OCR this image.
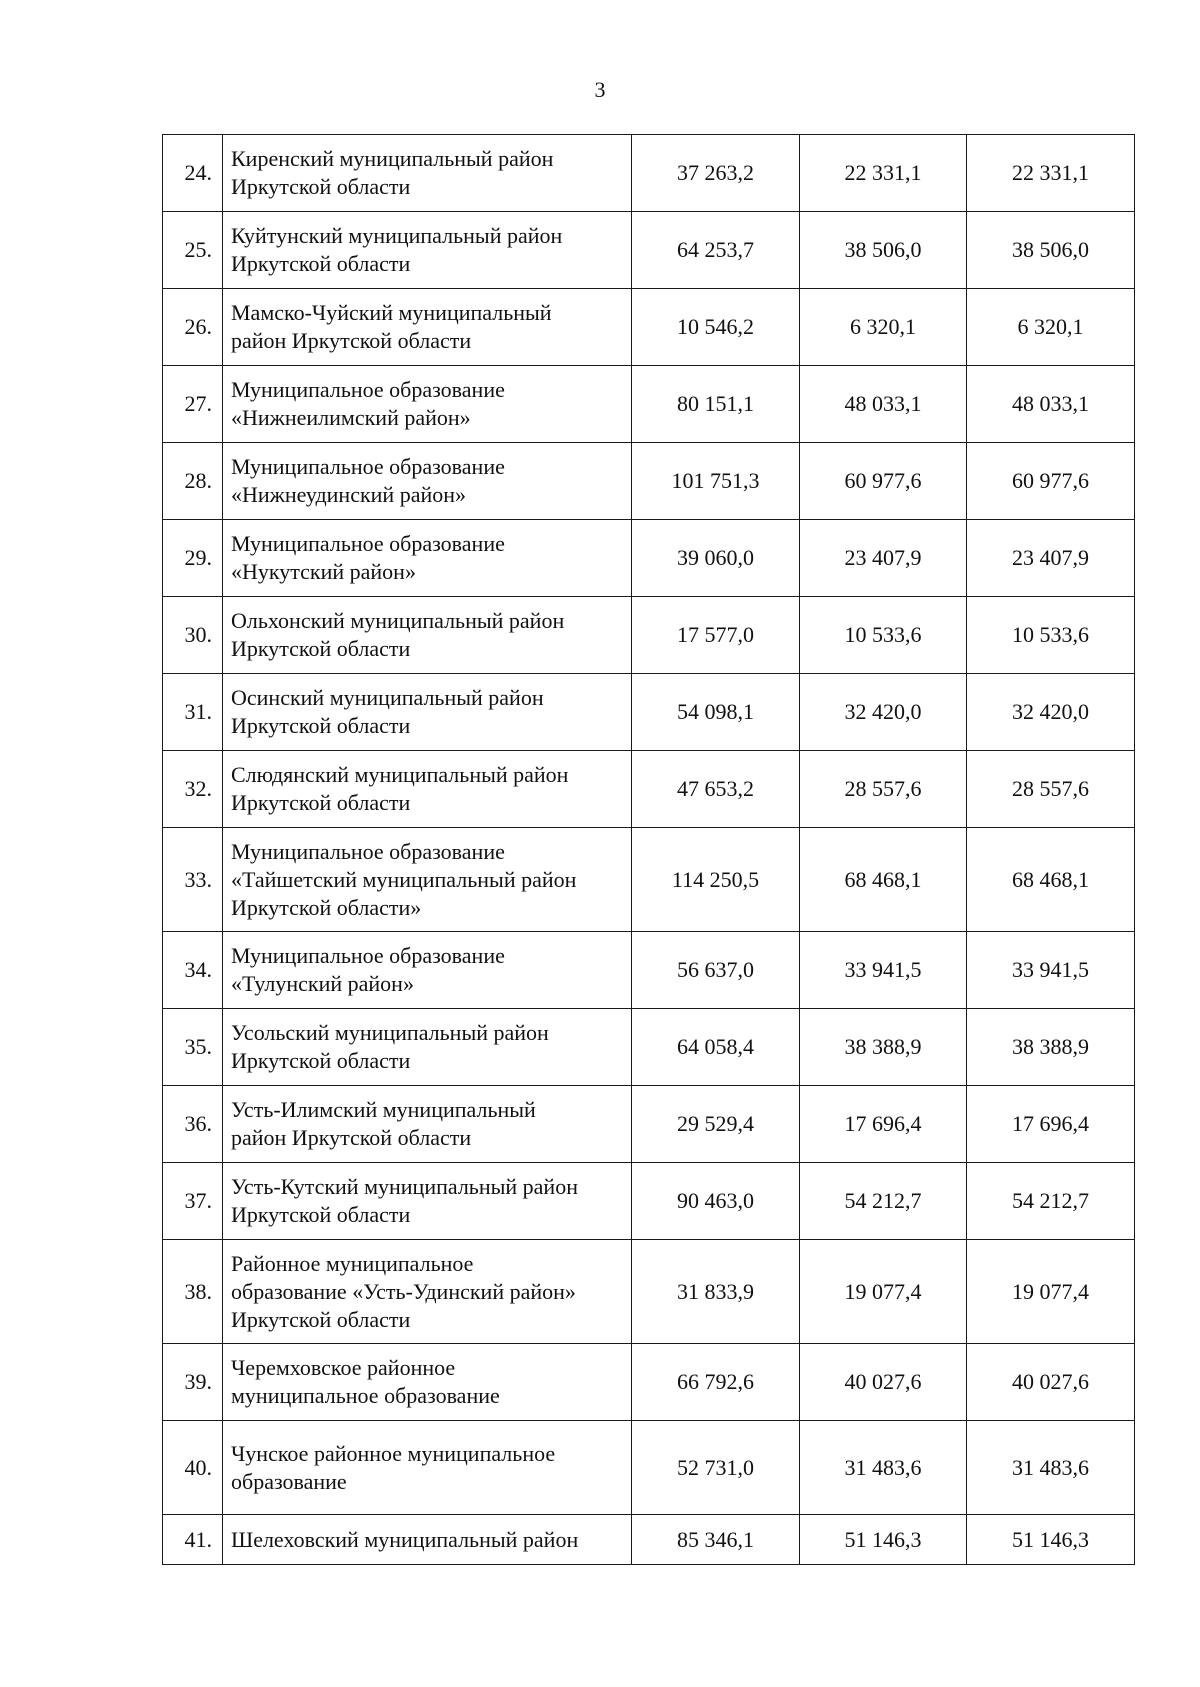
3
24.	Киренский муниципальный район
Иркутской области	37 263,2	22 331,1	22 331,1
25.	Куйтунский муниципальный район
Иркутской области	64 253,7	38 506,0	38 506,0
26.	Мамско-Чуйский муниципальный
район Иркутской области	10 546,2	6 320,1	6 320,1
27.	Муниципальное образование
«Нижнеилимский район»	80 151,1	48 033,1	48 033,1
28.	Муниципальное образование
«Нижнеудинский район»	101 751,3	60 977,6	60 977,6
29.	Муниципальное образование
«Нукутский район»	39 060,0	23 407,9	23 407,9
30.	Ольхонский муниципальный район
Иркутской области	17 577,0	10 533,6	10 533,6
31.	Осинский муниципальный район
Иркутской области	54 098,1	32 420,0	32 420,0
32.	Слюдянский муниципальный район
Иркутской области	47 653,2	28 557,6	28 557,6
33.	Муниципальное образование
«Тайшетский муниципальный район
Иркутской области»	114 250,5	68 468,1	68 468,1
34.	Муниципальное образование
«Тулунский район»	56 637,0	33 941,5	33 941,5
35.	Усольский муниципальный район
Иркутской области	64 058,4	38 388,9	38 388,9
36.	Усть-Илимский муниципальный
район Иркутской области	29 529,4	17 696,4	17 696,4
37.	Усть-Кутский муниципальный район
Иркутской области	90 463,0	54 212,7	54 212,7
38.	Районное муниципальное
образование «Усть-Удинский район»
Иркутской области	31 833,9	19 077,4	19 077,4
39.	Черемховское районное
муниципальное образование	66 792,6	40 027,6	40 027,6
40.	Чунское районное муниципальное
образование	52 731,0	31 483,6	31 483,6
41.	Шелеховский муниципальный район	85 346,1	51 146,3	51 146,3
